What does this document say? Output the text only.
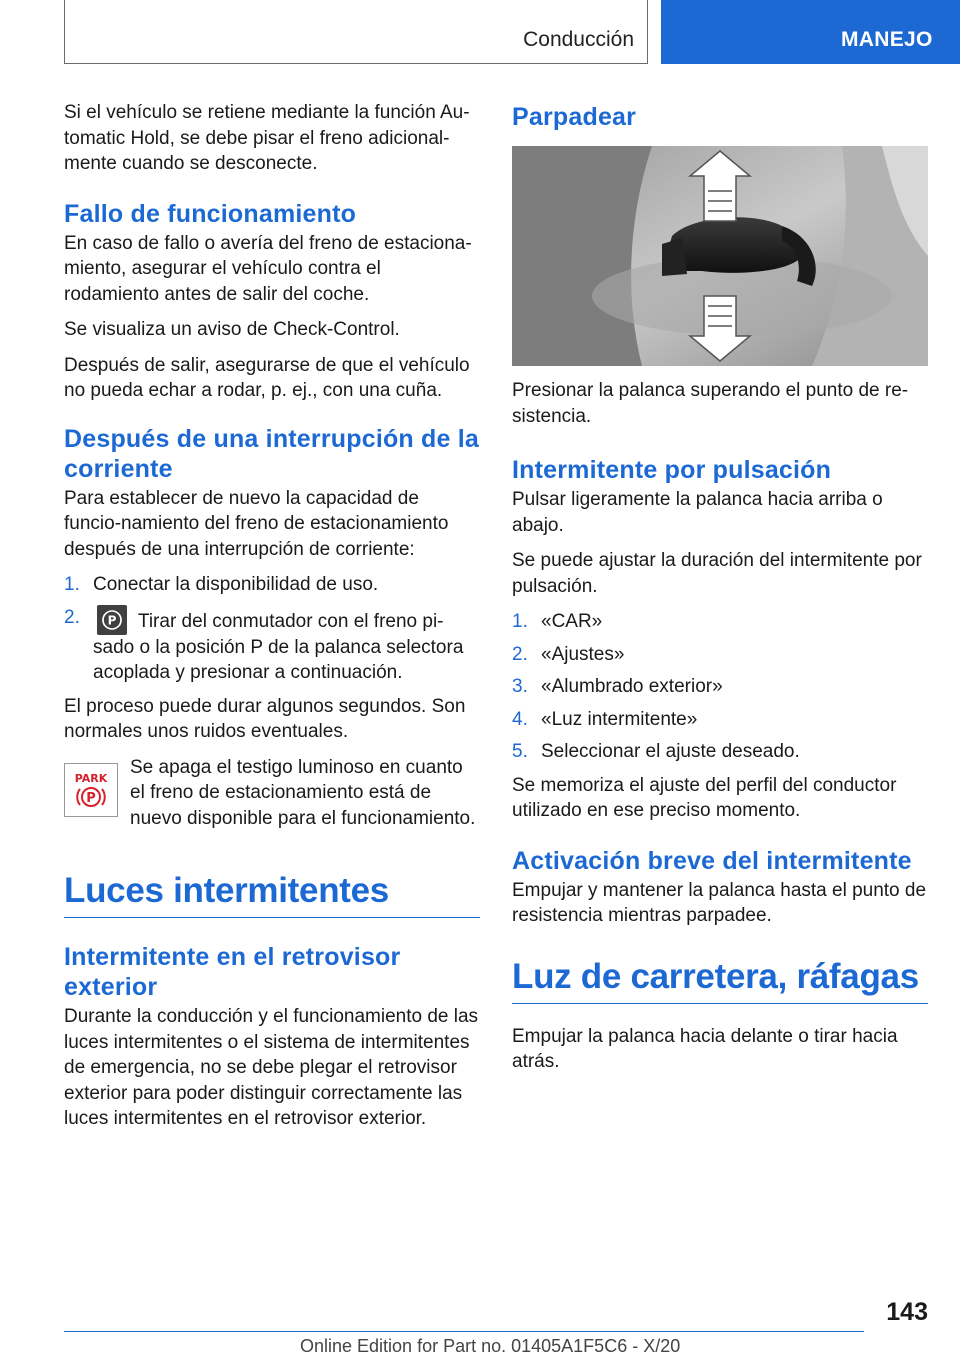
Conducción	MANEJO

Si el vehículo se retiene mediante la función Au-tomatic Hold, se debe pisar el freno adicional-mente cuando se desconecte.

Fallo de funcionamiento

En caso de fallo o avería del freno de estaciona-miento, asegurar el vehículo contra el rodamiento antes de salir del coche.

Se visualiza un aviso de Check-Control.

Después de salir, asegurarse de que el vehículo no pueda echar a rodar, p. ej., con una cuña.

Después de una interrupción de la corriente

Para establecer de nuevo la capacidad de funcio-namiento del freno de estacionamiento después de una interrupción de corriente:

1. Conectar la disponibilidad de uso.
2. P Tirar del conmutador con el freno pi-sado o la posición P de la palanca selectora acoplada y presionar a continuación.

El proceso puede durar algunos segundos. Son normales unos ruidos eventuales.

PARK
P

Se apaga el testigo luminoso en cuanto el freno de estacionamiento está de nuevo disponible para el funcionamiento.

Luces intermitentes
Intermitente en el retrovisor exterior

Durante la conducción y el funcionamiento de las luces intermitentes o el sistema de intermitentes de emergencia, no se debe plegar el retrovisor exterior para poder distinguir correctamente las luces intermitentes en el retrovisor exterior.

Parpadear

Presionar la palanca superando el punto de re-sistencia.

Intermitente por pulsación

Pulsar ligeramente la palanca hacia arriba o abajo.

Se puede ajustar la duración del intermitente por pulsación.

1. «CAR»
2. «Ajustes»
3. «Alumbrado exterior»
4. «Luz intermitente»
5. Seleccionar el ajuste deseado.

Se memoriza el ajuste del perfil del conductor utilizado en ese preciso momento.

Activación breve del intermitente

Empujar y mantener la palanca hasta el punto de resistencia mientras parpadee.

Luz de carretera, ráfagas

Empujar la palanca hacia delante o tirar hacia atrás.

143
Online Edition for Part no. 01405A1F5C6 - X/20
